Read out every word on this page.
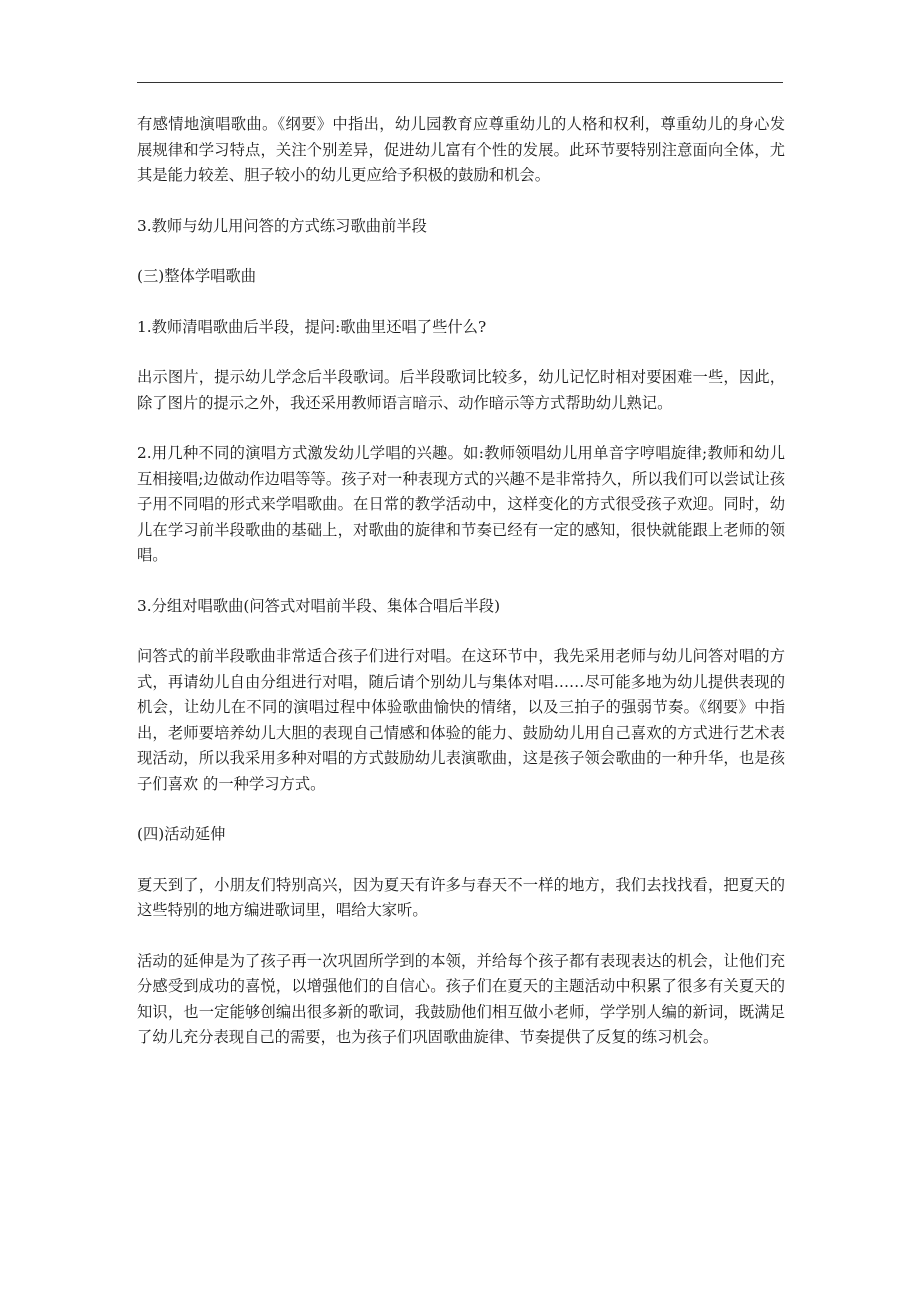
有感情地演唱歌曲。《纲要》中指出，幼儿园教育应尊重幼儿的人格和权利，尊重幼儿的身心发展规律和学习特点，关注个别差异，促进幼儿富有个性的发展。此环节要特别注意面向全体，尤其是能力较差、胆子较小的幼儿更应给予积极的鼓励和机会。

3.教师与幼儿用问答的方式练习歌曲前半段

(三)整体学唱歌曲

1.教师清唱歌曲后半段，提问:歌曲里还唱了些什么?

出示图片，提示幼儿学念后半段歌词。后半段歌词比较多，幼儿记忆时相对要困难一些，因此，除了图片的提示之外，我还采用教师语言暗示、动作暗示等方式帮助幼儿熟记。

2.用几种不同的演唱方式激发幼儿学唱的兴趣。如:教师领唱幼儿用单音字哼唱旋律;教师和幼儿互相接唱;边做动作边唱等等。孩子对一种表现方式的兴趣不是非常持久，所以我们可以尝试让孩子用不同唱的形式来学唱歌曲。在日常的教学活动中，这样变化的方式很受孩子欢迎。同时，幼儿在学习前半段歌曲的基础上，对歌曲的旋律和节奏已经有一定的感知，很快就能跟上老师的领唱。

3.分组对唱歌曲(问答式对唱前半段、集体合唱后半段)

问答式的前半段歌曲非常适合孩子们进行对唱。在这环节中，我先采用老师与幼儿问答对唱的方式，再请幼儿自由分组进行对唱，随后请个别幼儿与集体对唱……尽可能多地为幼儿提供表现的机会，让幼儿在不同的演唱过程中体验歌曲愉快的情绪，以及三拍子的强弱节奏。《纲要》中指出，老师要培养幼儿大胆的表现自己情感和体验的能力、鼓励幼儿用自己喜欢的方式进行艺术表现活动，所以我采用多种对唱的方式鼓励幼儿表演歌曲，这是孩子领会歌曲的一种升华，也是孩子们喜欢 的一种学习方式。

(四)活动延伸

夏天到了，小朋友们特别高兴，因为夏天有许多与春天不一样的地方，我们去找找看，把夏天的这些特别的地方编进歌词里，唱给大家听。

活动的延伸是为了孩子再一次巩固所学到的本领，并给每个孩子都有表现表达的机会，让他们充分感受到成功的喜悦，以增强他们的自信心。孩子们在夏天的主题活动中积累了很多有关夏天的知识，也一定能够创编出很多新的歌词，我鼓励他们相互做小老师，学学别人编的新词，既满足了幼儿充分表现自己的需要，也为孩子们巩固歌曲旋律、节奏提供了反复的练习机会。
